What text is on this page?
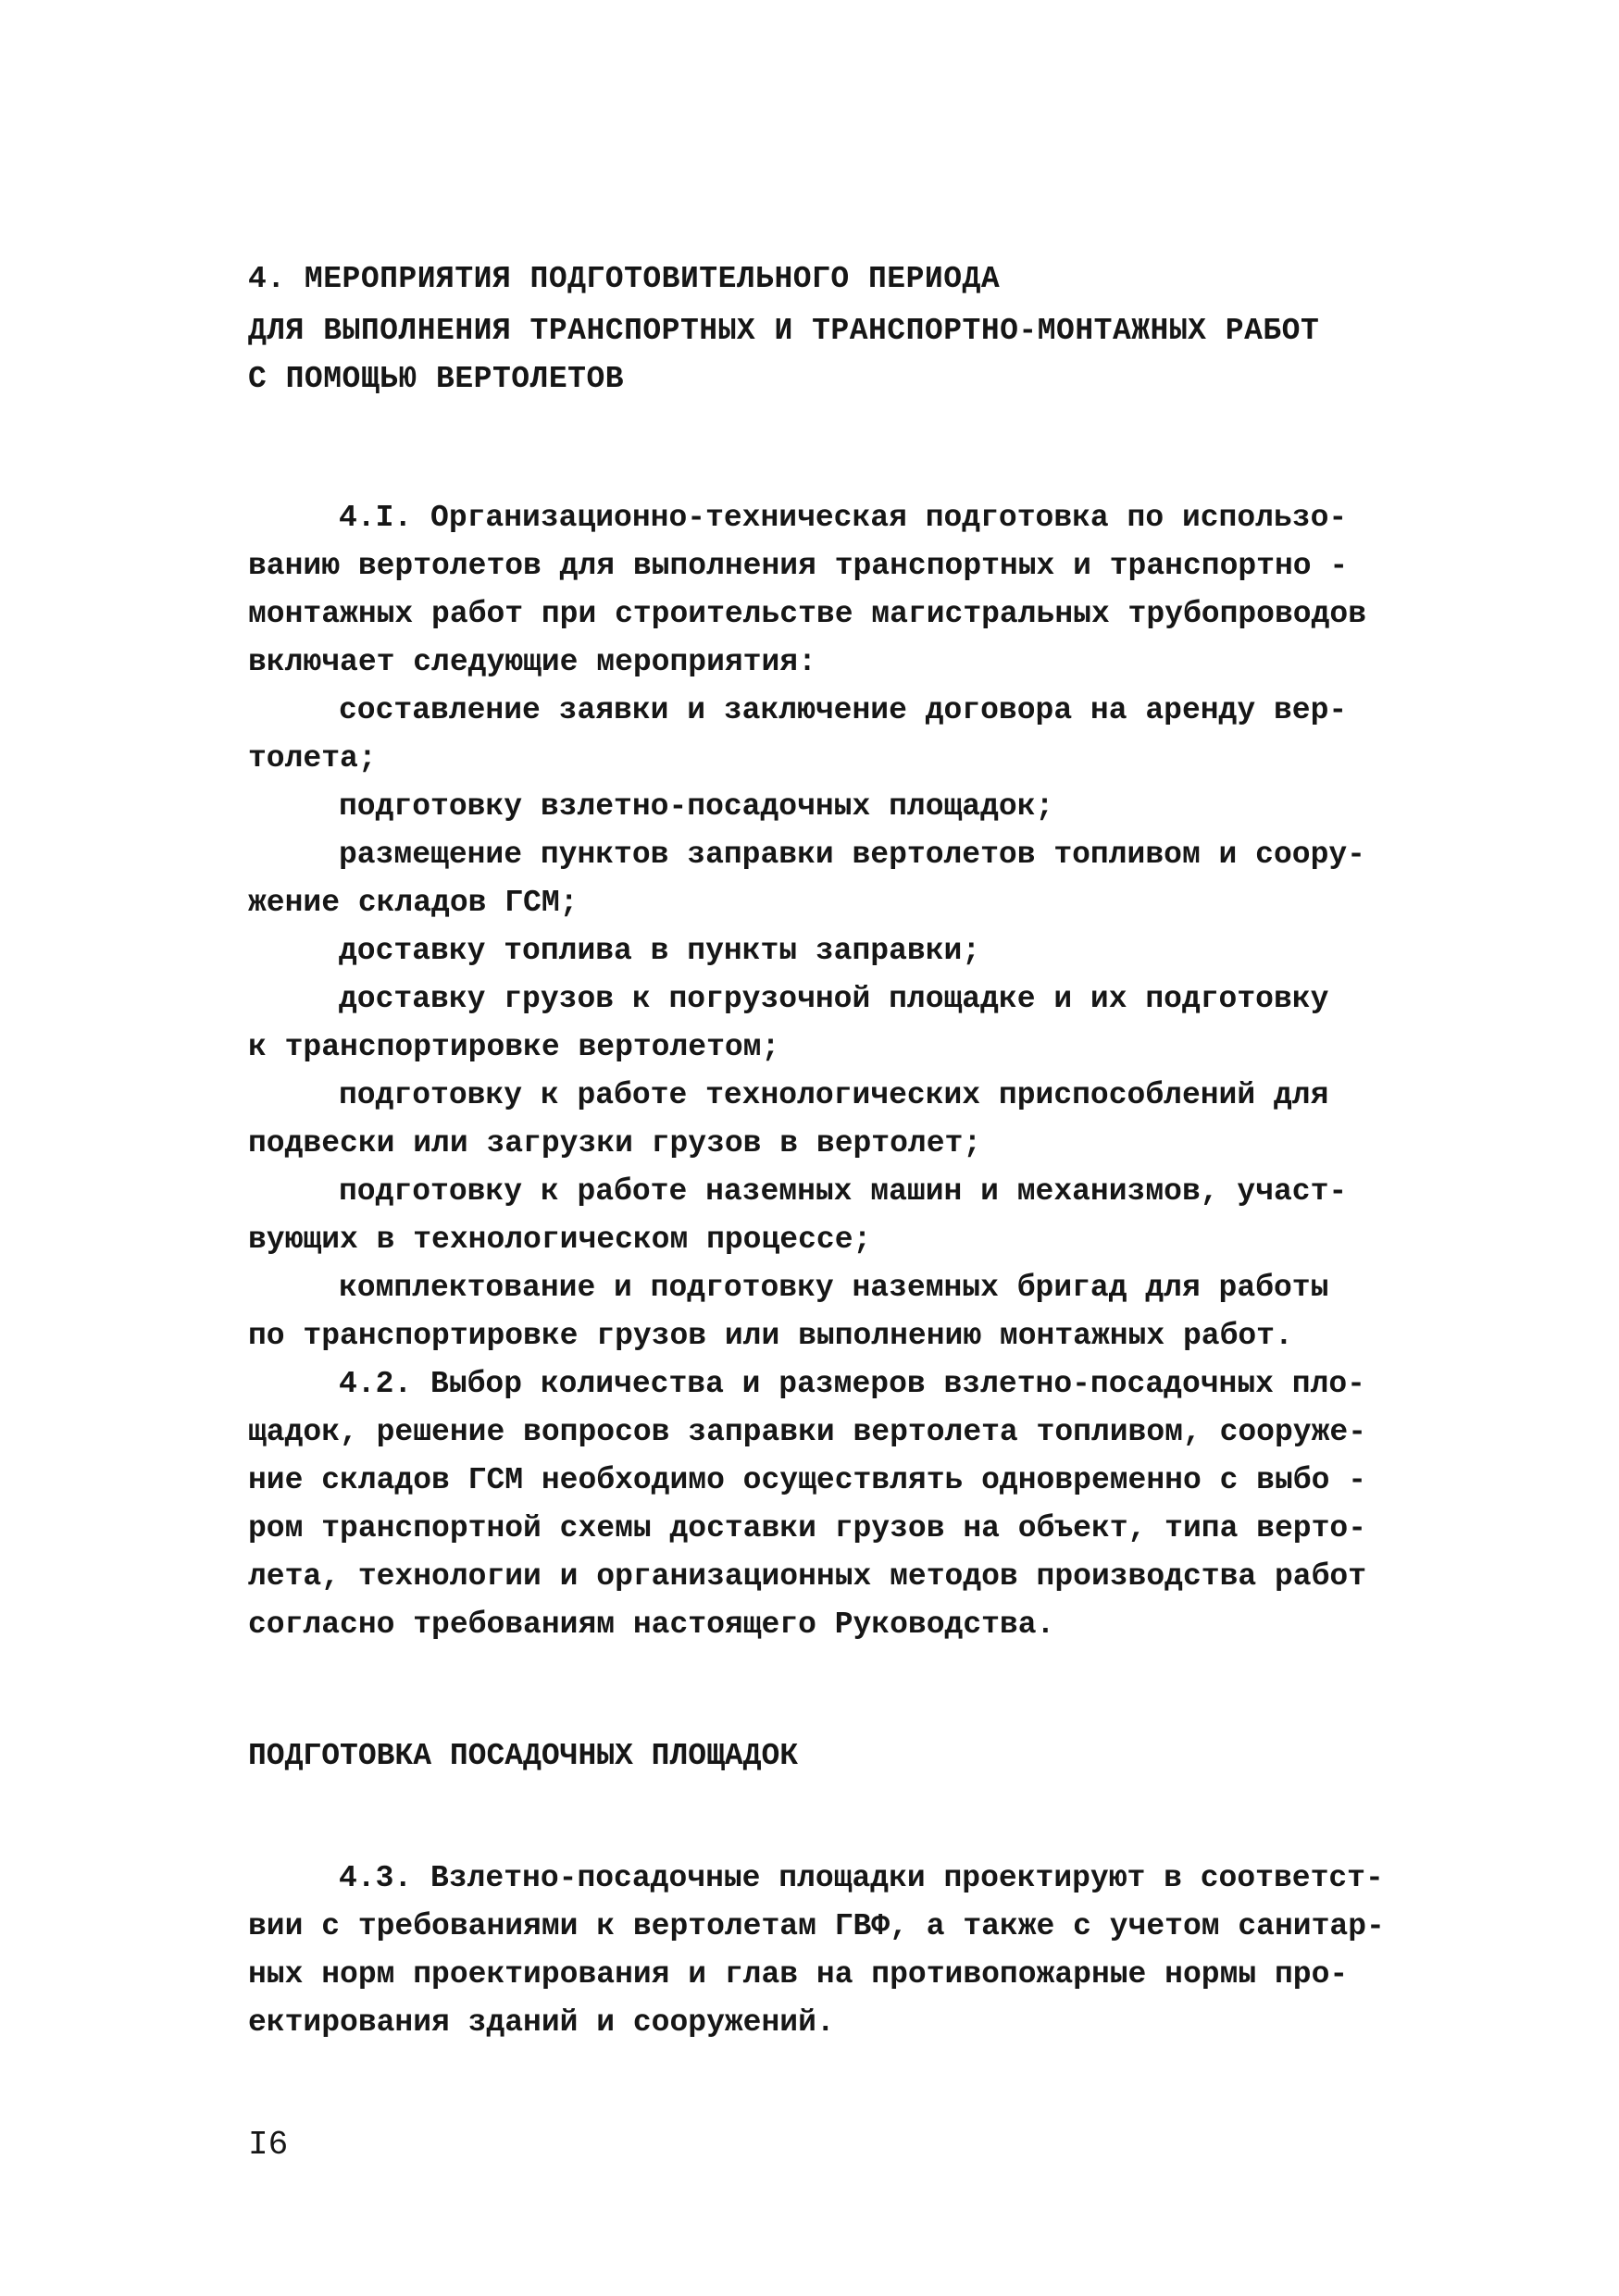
4. МЕРОПРИЯТИЯ ПОДГОТОВИТЕЛЬНОГО ПЕРИОДА
ДЛЯ ВЫПОЛНЕНИЯ ТРАНСПОРТНЫХ И ТРАНСПОРТНО-МОНТАЖНЫХ РАБОТ
С ПОМОЩЬЮ ВЕРТОЛЕТОВ
4.I. Организационно-техническая подготовка по использо-
ванию вертолетов для выполнения транспортных и транспортно -
монтажных работ при строительстве магистральных трубопроводов
включает следующие мероприятия:
составление заявки и заключение договора на аренду вер-
толета;
подготовку взлетно-посадочных площадок;
размещение пунктов заправки вертолетов топливом и соору-
жение складов ГСМ;
доставку топлива в пункты заправки;
доставку грузов к погрузочной площадке и их подготовку
к транспортировке вертолетом;
подготовку к работе технологических приспособлений для
подвески или загрузки грузов в вертолет;
подготовку к работе наземных машин и механизмов, участ-
вующих в технологическом процессе;
комплектование и подготовку наземных бригад для работы
по транспортировке грузов или выполнению монтажных работ.
4.2. Выбор количества и размеров взлетно-посадочных пло-
щадок, решение вопросов заправки вертолета топливом, сооруже-
ние складов ГСМ необходимо осуществлять одновременно с выбо -
ром транспортной схемы доставки грузов на объект, типа верто-
лета, технологии и организационных методов производства работ
согласно требованиям настоящего Руководства.
ПОДГОТОВКА ПОСАДОЧНЫХ ПЛОЩАДОК
4.3. Взлетно-посадочные площадки проектируют в соответст-
вии с требованиями к вертолетам ГВФ, а также с учетом санитар-
ных норм проектирования и глав на противопожарные нормы про-
ектирования зданий и сооружений.
I6
